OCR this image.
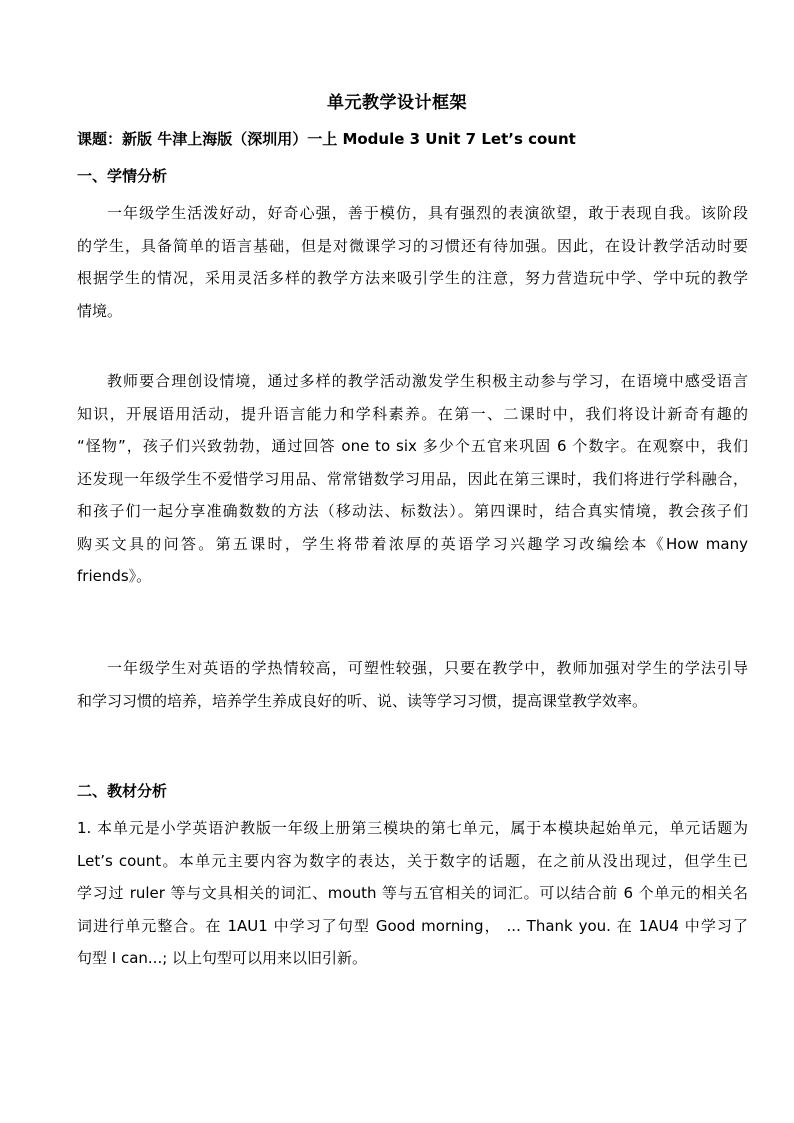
单元教学设计框架
课题：新版 牛津上海版（深圳用）一上 Module 3 Unit 7 Let’s count
一、学情分析
一年级学生活泼好动，好奇心强，善于模仿，具有强烈的表演欲望，敢于表现自我。该阶段
的学生，具备简单的语言基础，但是对微课学习的习惯还有待加强。因此，在设计教学活动时要
根据学生的情况，采用灵活多样的教学方法来吸引学生的注意，努力营造玩中学、学中玩的教学
情境。
教师要合理创设情境，通过多样的教学活动激发学生积极主动参与学习，在语境中感受语言
知识，开展语用活动，提升语言能力和学科素养。在第一、二课时中，我们将设计新奇有趣的
“怪物”，孩子们兴致勃勃，通过回答 one to six 多少个五官来巩固 6 个数字。在观察中，我们
还发现一年级学生不爱惜学习用品、常常错数学习用品，因此在第三课时，我们将进行学科融合，
和孩子们一起分享准确数数的方法（移动法、标数法）。第四课时，结合真实情境，教会孩子们
购买文具的问答。第五课时，学生将带着浓厚的英语学习兴趣学习改编绘本《How many
friends》。
一年级学生对英语的学热情较高，可塑性较强，只要在教学中，教师加强对学生的学法引导
和学习习惯的培养，培养学生养成良好的听、说、读等学习习惯，提高课堂教学效率。
二、教材分析
1. 本单元是小学英语沪教版一年级上册第三模块的第七单元，属于本模块起始单元，单元话题为
Let’s count。本单元主要内容为数字的表达，关于数字的话题，在之前从没出现过，但学生已
学习过 ruler 等与文具相关的词汇、mouth 等与五官相关的词汇。可以结合前 6 个单元的相关名
词进行单元整合。在 1AU1 中学习了句型 Good morning， ... Thank you. 在 1AU4 中学习了
句型 I can...; 以上句型可以用来以旧引新。
